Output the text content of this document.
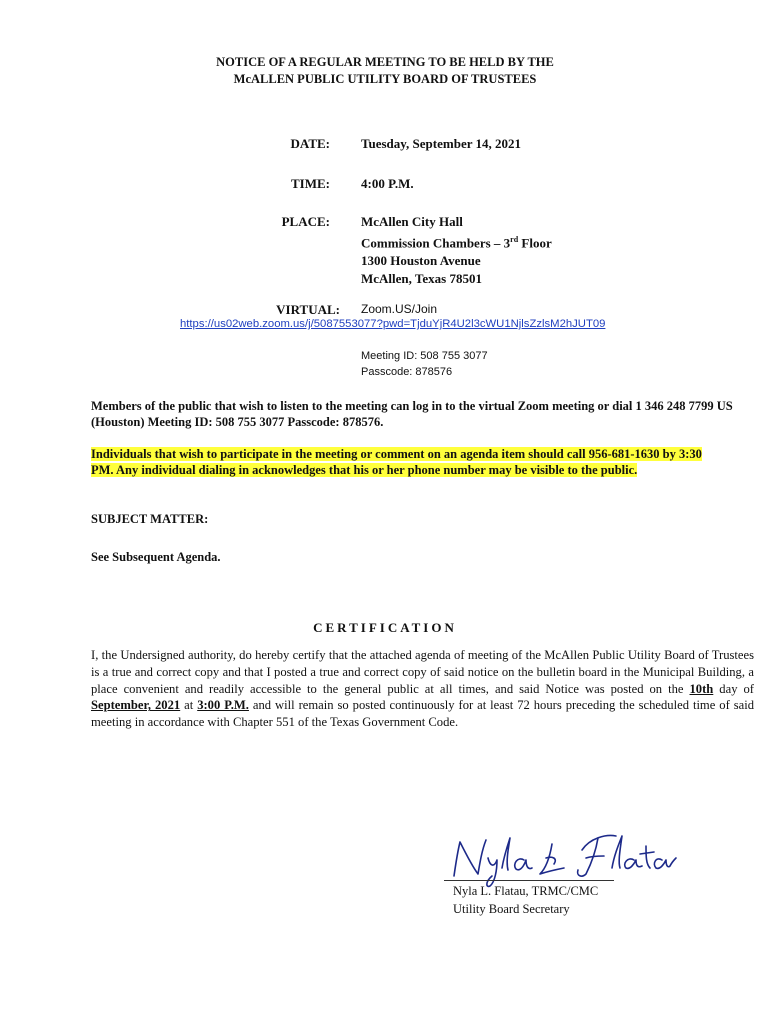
NOTICE OF A REGULAR MEETING TO BE HELD BY THE
McALLEN PUBLIC UTILITY BOARD OF TRUSTEES
DATE: Tuesday, September 14, 2021
TIME: 4:00 P.M.
PLACE: McAllen City Hall
Commission Chambers – 3rd Floor
1300 Houston Avenue
McAllen, Texas 78501
VIRTUAL: Zoom.US/Join
https://us02web.zoom.us/j/5087553077?pwd=TjduYjR4U2l3cWU1NjlsZzlsM2hJUT09
Meeting ID: 508 755 3077
Passcode: 878576
Members of the public that wish to listen to the meeting can log in to the virtual Zoom meeting or dial 1 346 248 7799 US (Houston) Meeting ID: 508 755 3077 Passcode: 878576.
Individuals that wish to participate in the meeting or comment on an agenda item should call 956-681-1630 by 3:30
PM. Any individual dialing in acknowledges that his or her phone number may be visible to the public.
SUBJECT MATTER:
See Subsequent Agenda.
CERTIFICATION
I, the Undersigned authority, do hereby certify that the attached agenda of meeting of the McAllen Public Utility Board of Trustees is a true and correct copy and that I posted a true and correct copy of said notice on the bulletin board in the Municipal Building, a place convenient and readily accessible to the general public at all times, and said Notice was posted on the 10th day of September, 2021 at 3:00 P.M. and will remain so posted continuously for at least 72 hours preceding the scheduled time of said meeting in accordance with Chapter 551 of the Texas Government Code.
Nyla L. Flatau, TRMC/CMC
Utility Board Secretary
